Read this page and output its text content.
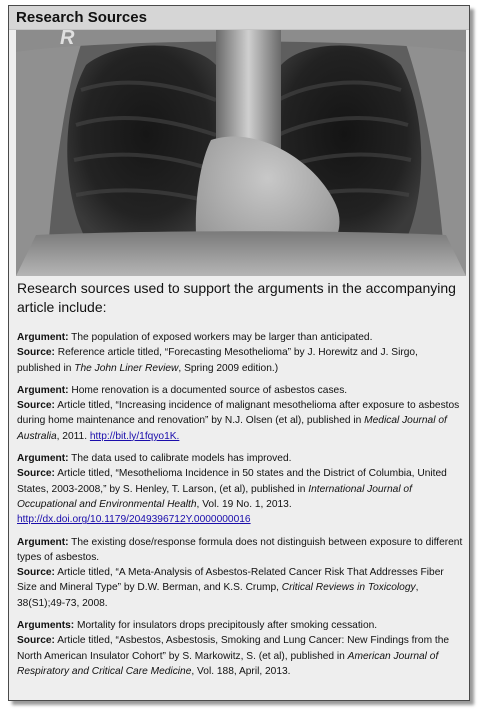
Research Sources
R
Research sources used to support the arguments in the accompanying article include:
Argument: The population of exposed workers may be larger than anticipated.
Source: Reference article titled, “Forecasting Mesothelioma” by J. Horewitz and J. Sirgo, published in The John Liner Review, Spring 2009 edition.)
Argument: Home renovation is a documented source of asbestos cases.
Source: Article titled, “Increasing incidence of malignant mesothelioma after exposure to asbestos during home maintenance and renovation” by N.J. Olsen (et al), published in Medical Journal of Australia, 2011. http://bit.ly/1fqyo1K.
Argument: The data used to calibrate models has improved.
Source: Article titled, “Mesothelioma Incidence in 50 states and the District of Columbia, United States, 2003-2008,” by S. Henley, T. Larson, (et al), published in International Journal of Occupational and Environmental Health, Vol. 19 No. 1, 2013.
http://dx.doi.org/10.1179/2049396712Y.0000000016
Argument: The existing dose/response formula does not distinguish between exposure to different types of asbestos.
Source: Article titled, “A Meta-Analysis of Asbestos-Related Cancer Risk That Addresses Fiber Size and Mineral Type” by D.W. Berman, and K.S. Crump, Critical Reviews in Toxicology, 38(S1);49-73, 2008.
Arguments: Mortality for insulators drops precipitously after smoking cessation.
Source: Article titled, “Asbestos, Asbestosis, Smoking and Lung Cancer: New Findings from the North American Insulator Cohort” by S. Markowitz, S. (et al), published in American Journal of Respiratory and Critical Care Medicine, Vol. 188, April, 2013.
